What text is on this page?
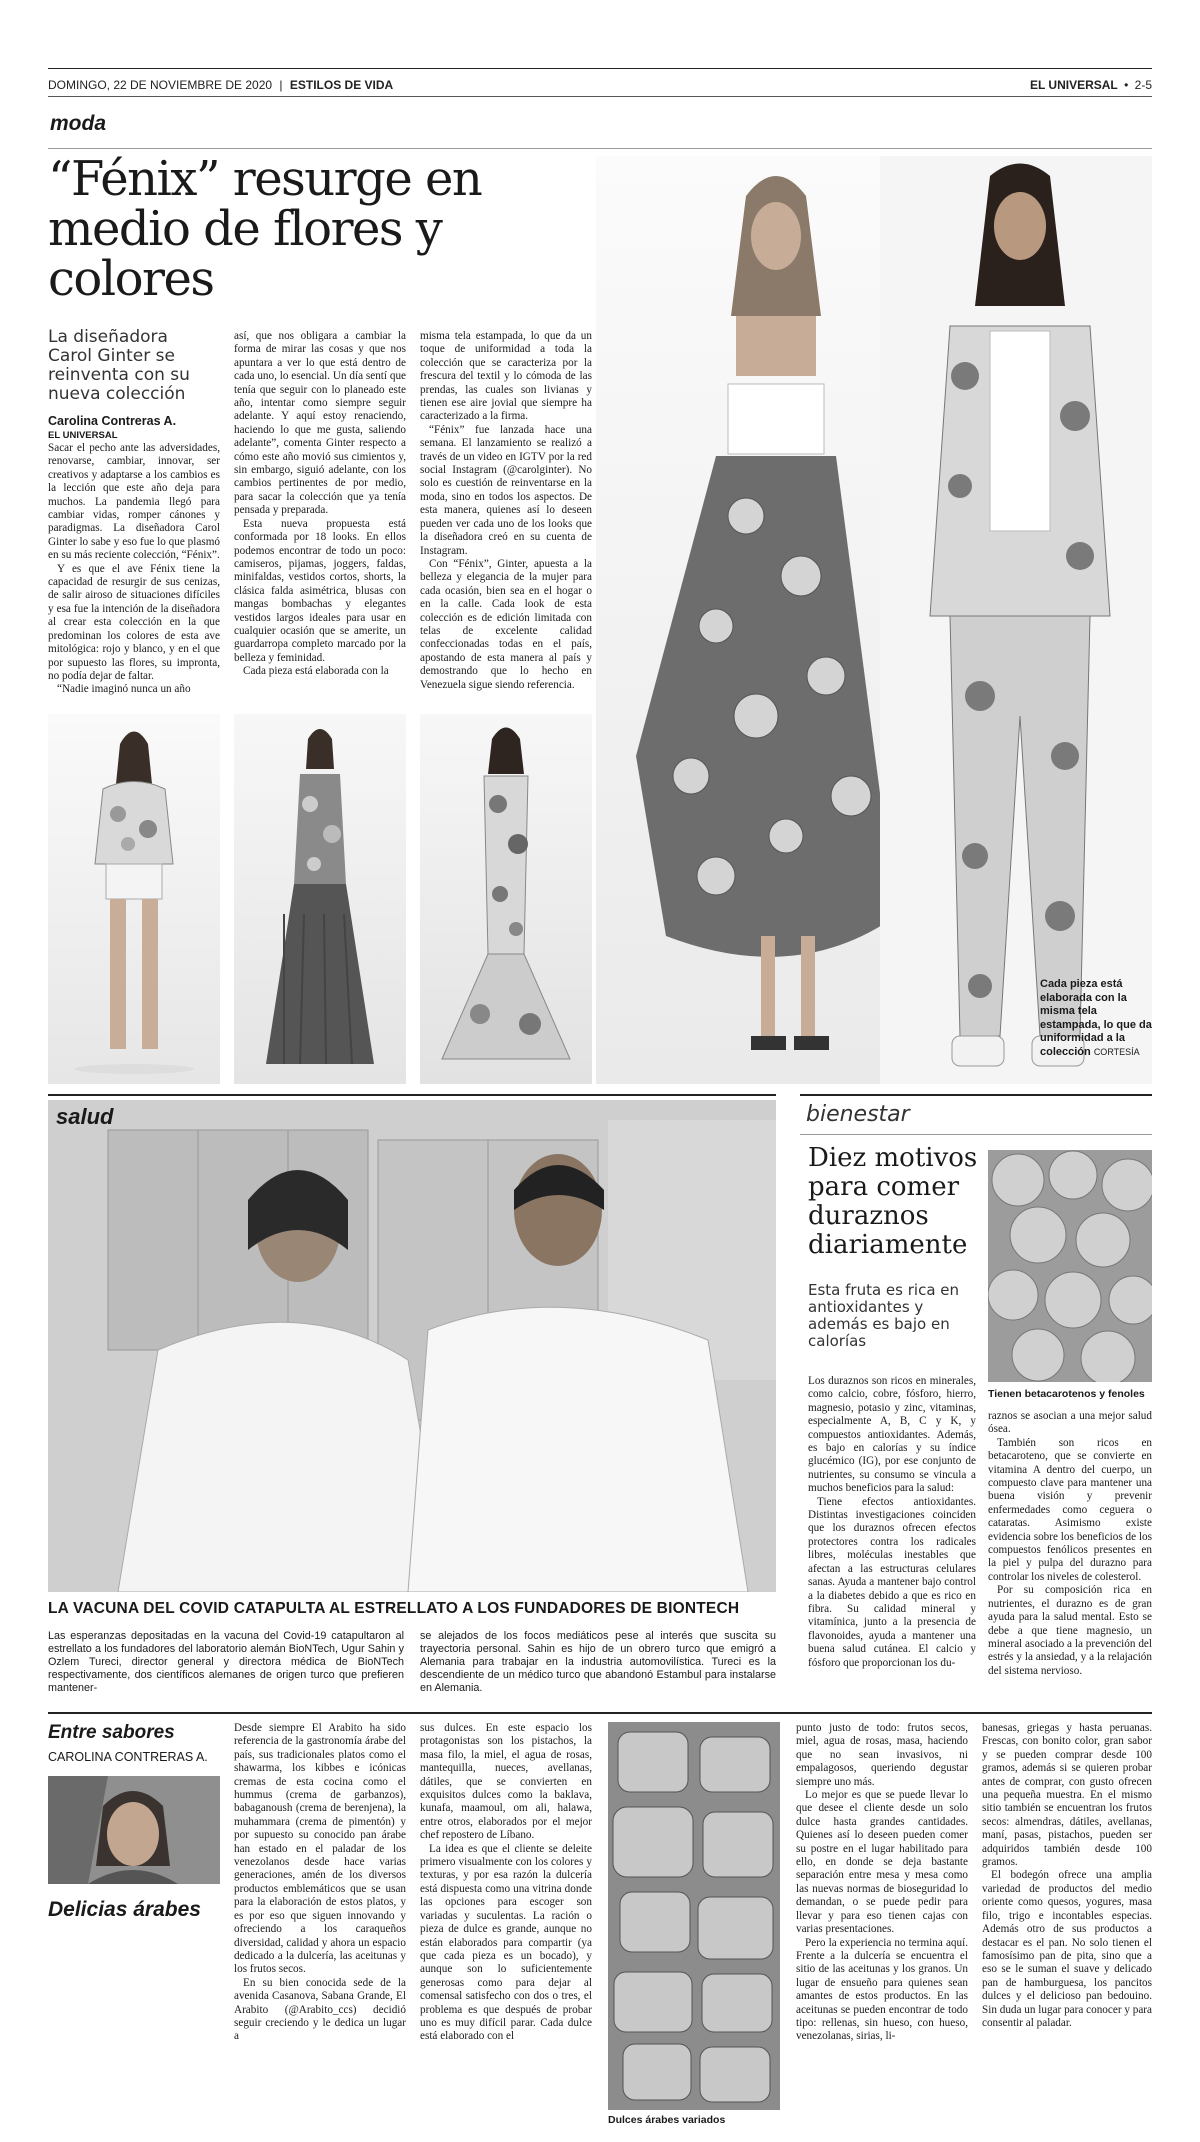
DOMINGO, 22 DE NOVIEMBRE DE 2020 | ESTILOS DE VIDA	EL UNIVERSAL • 2-5
moda
“Fénix” resurge en medio de flores y colores
La diseñadora Carol Ginter se reinventa con su nueva colección
Carolina Contreras A.
EL UNIVERSAL

Sacar el pecho ante las adversidades, renovarse, cambiar, innovar, ser creativos y adaptarse a los cambios es la lección que este año deja para muchos. La pandemia llegó para cambiar vidas, romper cánones y paradigmas. La diseñadora Carol Ginter lo sabe y eso fue lo que plasmó en su más reciente colección, “Fénix”.

Y es que el ave Fénix tiene la capacidad de resurgir de sus cenizas, de salir airoso de situaciones difíciles y esa fue la intención de la diseñadora al crear esta colección en la que predominan los colores de esta ave mitológica: rojo y blanco, y en el que por supuesto las flores, su impronta, no podía dejar de faltar.

“Nadie imaginó nunca un año

así, que nos obligara a cambiar la forma de mirar las cosas y que nos apuntara a ver lo que está dentro de cada uno, lo esencial. Un día sentí que tenía que seguir con lo planeado este año, intentar como siempre seguir adelante. Y aquí estoy renaciendo, haciendo lo que me gusta, saliendo adelante”, comenta Ginter respecto a cómo este año movió sus cimientos y, sin embargo, siguió adelante, con los cambios pertinentes de por medio, para sacar la colección que ya tenía pensada y preparada.

Esta nueva propuesta está conformada por 18 looks. En ellos podemos encontrar de todo un poco: camiseros, pijamas, joggers, faldas, minifaldas, vestidos cortos, shorts, la clásica falda asimétrica, blusas con mangas bombachas y elegantes vestidos largos ideales para usar en cualquier ocasión que se amerite, un guardarropa completo marcado por la belleza y feminidad.

Cada pieza está elaborada con la

misma tela estampada, lo que da un toque de uniformidad a toda la colección que se caracteriza por la frescura del textil y lo cómoda de las prendas, las cuales son livianas y tienen ese aire jovial que siempre ha caracterizado a la firma.

“Fénix” fue lanzada hace una semana. El lanzamiento se realizó a través de un video en IGTV por la red social Instagram (@carolginter). No solo es cuestión de reinventarse en la moda, sino en todos los aspectos. De esta manera, quienes así lo deseen pueden ver cada uno de los looks que la diseñadora creó en su cuenta de Instagram.

Con “Fénix”, Ginter, apuesta a la belleza y elegancia de la mujer para cada ocasión, bien sea en el hogar o en la calle. Cada look de esta colección es de edición limitada con telas de excelente calidad confeccionadas todas en el país, apostando de esta manera al país y demostrando que lo hecho en Venezuela sigue siendo referencia.

Cada pieza está elaborada con la misma tela estampada, lo que da uniformidad a la colección CORTESÍA
salud
LA VACUNA DEL COVID CATAPULTA AL ESTRELLATO A LOS FUNDADORES DE BIONTECH
Las esperanzas depositadas en la vacuna del Covid-19 catapultaron al estrellato a los fundadores del laboratorio alemán BioNTech, Ugur Sahin y Ozlem Tureci, director general y directora médica de BioNTech respectivamente, dos científicos alemanes de origen turco que prefieren mantener-
se alejados de los focos mediáticos pese al interés que suscita su trayectoria personal. Sahin es hijo de un obrero turco que emigró a Alemania para trabajar en la industria automovilística. Tureci es la descendiente de un médico turco que abandonó Estambul para instalarse en Alemania.
bienestar
Diez motivos para comer duraznos diariamente
Esta fruta es rica en antioxidantes y además es bajo en calorías
Tienen betacarotenos y fenoles

Los duraznos son ricos en minerales, como calcio, cobre, fósforo, hierro, magnesio, potasio y zinc, vitaminas, especialmente A, B, C y K, y compuestos antioxidantes. Además, es bajo en calorías y su índice glucémico (IG), por ese conjunto de nutrientes, su consumo se vincula a muchos beneficios para la salud:

Tiene efectos antioxidantes. Distintas investigaciones coinciden que los duraznos ofrecen efectos protectores contra los radicales libres, moléculas inestables que afectan a las estructuras celulares sanas. Ayuda a mantener bajo control a la diabetes debido a que es rico en fibra. Su calidad mineral y vitamínica, junto a la presencia de flavonoides, ayuda a mantener una buena salud cutánea. El calcio y fósforo que proporcionan los du-

raznos se asocian a una mejor salud ósea.

También son ricos en betacaroteno, que se convierte en vitamina A dentro del cuerpo, un compuesto clave para mantener una buena visión y prevenir enfermedades como ceguera o cataratas. Asimismo existe evidencia sobre los beneficios de los compuestos fenólicos presentes en la piel y pulpa del durazno para controlar los niveles de colesterol.

Por su composición rica en nutrientes, el durazno es de gran ayuda para la salud mental. Esto se debe a que tiene magnesio, un mineral asociado a la prevención del estrés y la ansiedad, y a la relajación del sistema nervioso.

Entre sabores
CAROLINA CONTRERAS A.
Delicias árabes

Desde siempre El Arabito ha sido referencia de la gastronomía árabe del país, sus tradicionales platos como el shawarma, los kibbes e icónicas cremas de esta cocina como el hummus (crema de garbanzos), babaganoush (crema de berenjena), la muhammara (crema de pimentón) y por supuesto su conocido pan árabe han estado en el paladar de los venezolanos desde hace varias generaciones, amén de los diversos productos emblemáticos que se usan para la elaboración de estos platos, y es por eso que siguen innovando y ofreciendo a los caraqueños diversidad, calidad y ahora un espacio dedicado a la dulcería, las aceitunas y los frutos secos.

En su bien conocida sede de la avenida Casanova, Sabana Grande, El Arabito (@Arabito_ccs) decidió seguir creciendo y le dedica un lugar a

sus dulces. En este espacio los protagonistas son los pistachos, la masa filo, la miel, el agua de rosas, mantequilla, nueces, avellanas, dátiles, que se convierten en exquisitos dulces como la baklava, kunafa, maamoul, om ali, halawa, entre otros, elaborados por el mejor chef repostero de Líbano.

La idea es que el cliente se deleite primero visualmente con los colores y texturas, y por esa razón la dulcería está dispuesta como una vitrina donde las opciones para escoger son variadas y suculentas. La ración o pieza de dulce es grande, aunque no están elaborados para compartir (ya que cada pieza es un bocado), y aunque son lo suficientemente generosas como para dejar al comensal satisfecho con dos o tres, el problema es que después de probar uno es muy difícil parar. Cada dulce está elaborado con el

Dulces árabes variados

punto justo de todo: frutos secos, miel, agua de rosas, masa, haciendo que no sean invasivos, ni empalagosos, queriendo degustar siempre uno más.

Lo mejor es que se puede llevar lo que desee el cliente desde un solo dulce hasta grandes cantidades. Quienes así lo deseen pueden comer su postre en el lugar habilitado para ello, en donde se deja bastante separación entre mesa y mesa como las nuevas normas de bioseguridad lo demandan, o se puede pedir para llevar y para eso tienen cajas con varias presentaciones.

Pero la experiencia no termina aquí. Frente a la dulcería se encuentra el sitio de las aceitunas y los granos. Un lugar de ensueño para quienes sean amantes de estos productos. En las aceitunas se pueden encontrar de todo tipo: rellenas, sin hueso, con hueso, venezolanas, sirias, li-

banesas, griegas y hasta peruanas. Frescas, con bonito color, gran sabor y se pueden comprar desde 100 gramos, además si se quieren probar antes de comprar, con gusto ofrecen una pequeña muestra. En el mismo sitio también se encuentran los frutos secos: almendras, dátiles, avellanas, maní, pasas, pistachos, pueden ser adquiridos también desde 100 gramos.

El bodegón ofrece una amplia variedad de productos del medio oriente como quesos, yogures, masa filo, trigo e incontables especias. Además otro de sus productos a destacar es el pan. No solo tienen el famosísimo pan de pita, sino que a eso se le suman el suave y delicado pan de hamburguesa, los pancitos dulces y el delicioso pan bedouino. Sin duda un lugar para conocer y para consentir al paladar.
